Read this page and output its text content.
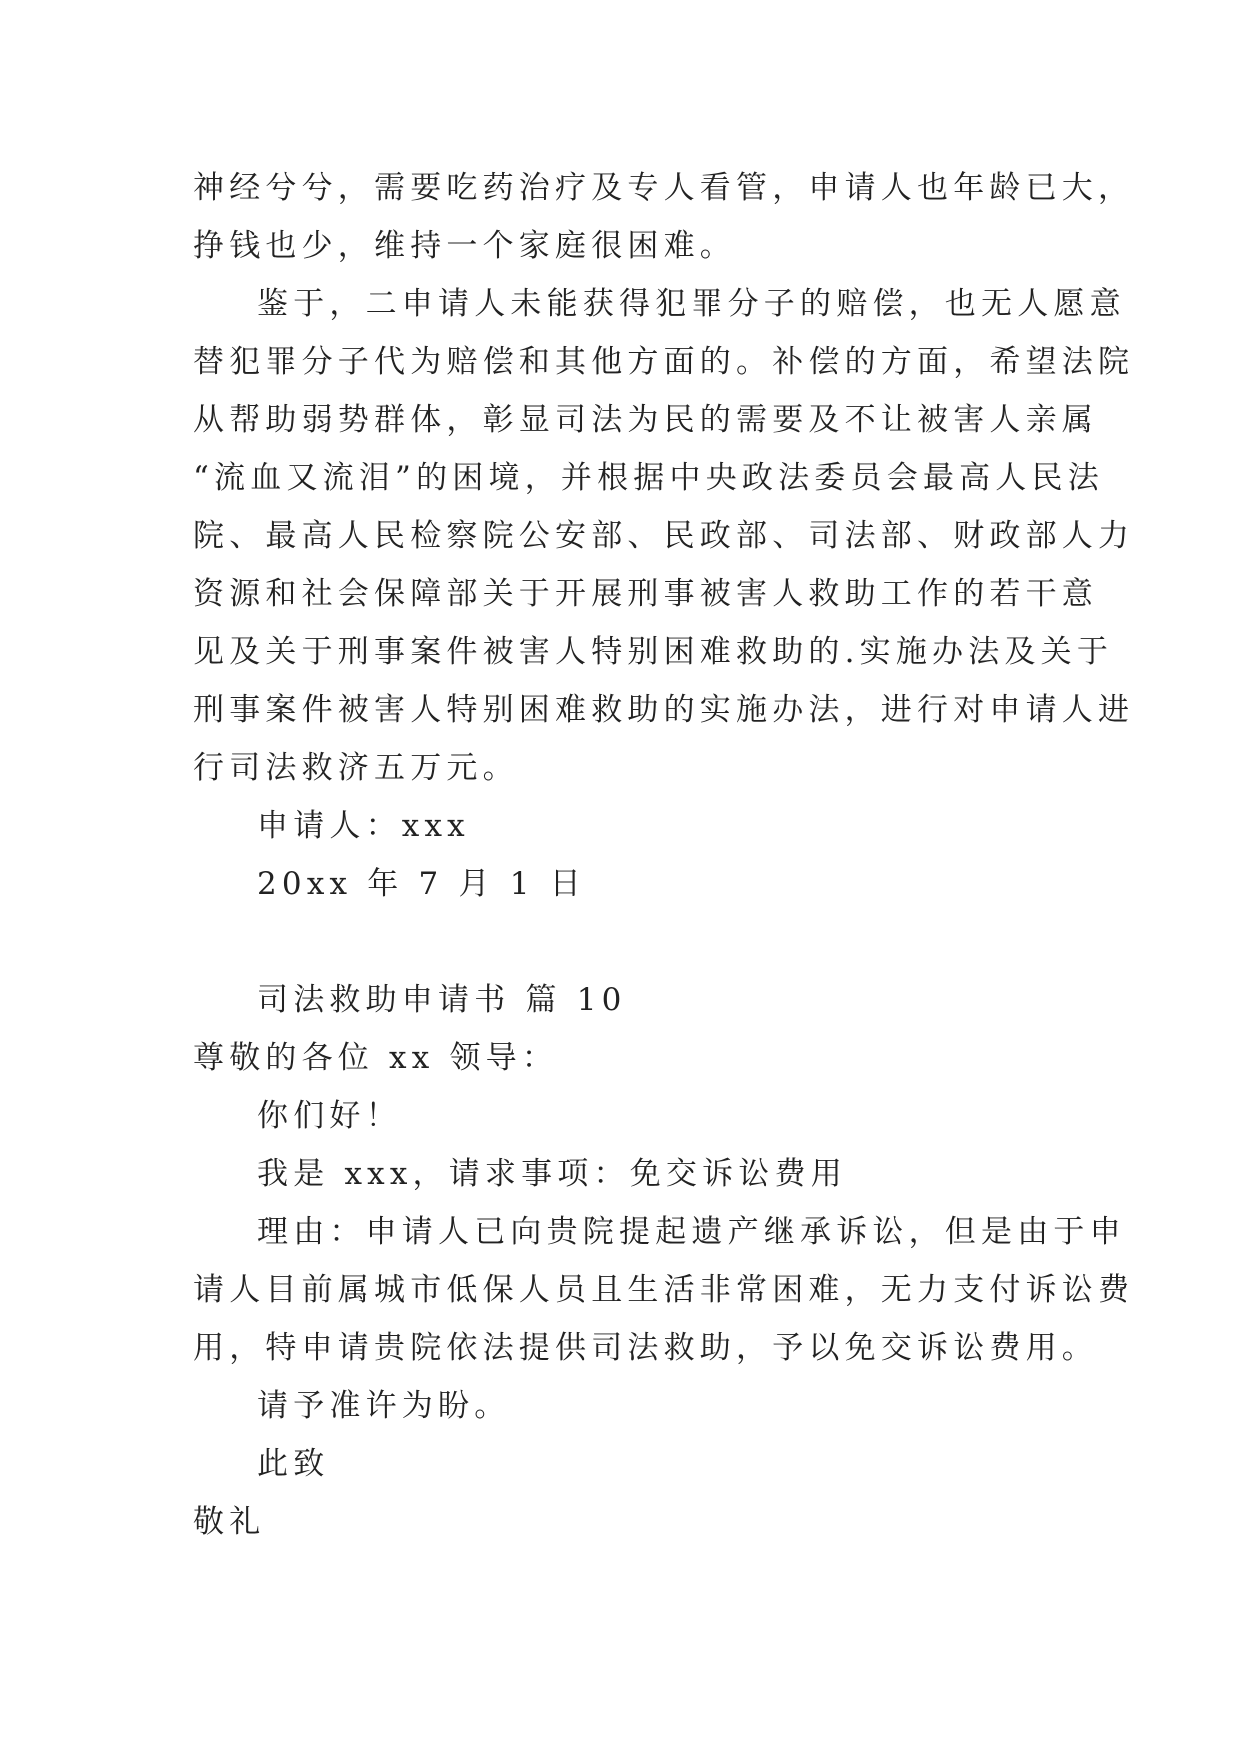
神经兮兮，需要吃药治疗及专人看管，申请人也年龄已大，
挣钱也少，维持一个家庭很困难。
鉴于，二申请人未能获得犯罪分子的赔偿，也无人愿意
替犯罪分子代为赔偿和其他方面的。补偿的方面，希望法院
从帮助弱势群体，彰显司法为民的需要及不让被害人亲属
“流血又流泪”的困境，并根据中央政法委员会最高人民法
院、最高人民检察院公安部、民政部、司法部、财政部人力
资源和社会保障部关于开展刑事被害人救助工作的若干意
见及关于刑事案件被害人特别困难救助的.实施办法及关于
刑事案件被害人特别困难救助的实施办法，进行对申请人进
行司法救济五万元。
申请人：xxx
20xx 年 7 月 1 日
司法救助申请书 篇 10
尊敬的各位 xx 领导：
你们好！
我是 xxx，请求事项：免交诉讼费用
理由：申请人已向贵院提起遗产继承诉讼，但是由于申
请人目前属城市低保人员且生活非常困难，无力支付诉讼费
用，特申请贵院依法提供司法救助，予以免交诉讼费用。
请予准许为盼。
此致
敬礼
